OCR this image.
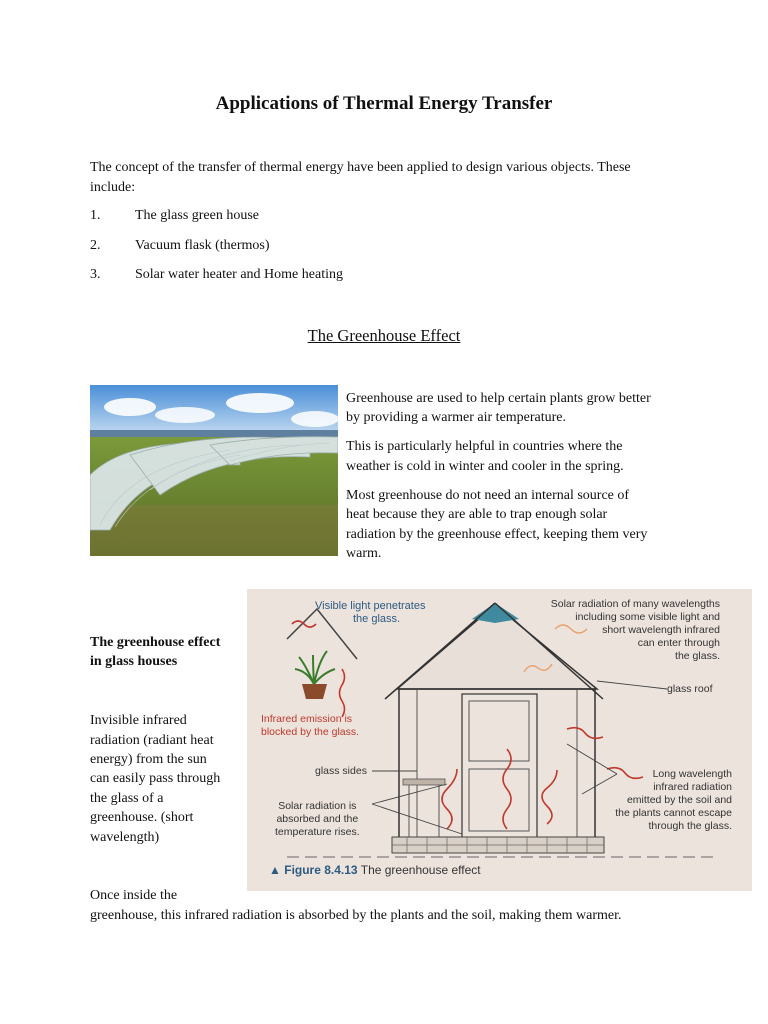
Applications of Thermal Energy Transfer
The concept of the transfer of thermal energy have been applied to design various objects. These
include:
1. The glass green house
2. Vacuum flask (thermos)
3. Solar water heater and Home heating
The Greenhouse Effect
Greenhouse are used to help certain plants grow better
by providing a warmer air temperature.
This is particularly helpful in countries where the
weather is cold in winter and cooler in the spring.
Most greenhouse do not need an internal source of
heat because they are able to trap enough solar
radiation by the greenhouse effect, keeping them very
warm.
The greenhouse effect
in glass houses
Invisible infrared
radiation (radiant heat
energy) from the sun
can easily pass through
the glass of a
greenhouse. (short
wavelength)
Visible light penetrates
the glass.
Solar radiation of many wavelengths
including some visible light and
short wavelength infrared
can enter through
the glass.
glass roof
Infrared emission is
blocked by the glass.
glass sides	Long wavelength
infrared radiation
emitted by the soil and
the plants cannot escape
through the glass.
Solar radiation is
absorbed and the
temperature rises.
▲ Figure 8.4.13 The greenhouse effect
Once inside the
greenhouse, this infrared radiation is absorbed by the plants and the soil, making them warmer.
